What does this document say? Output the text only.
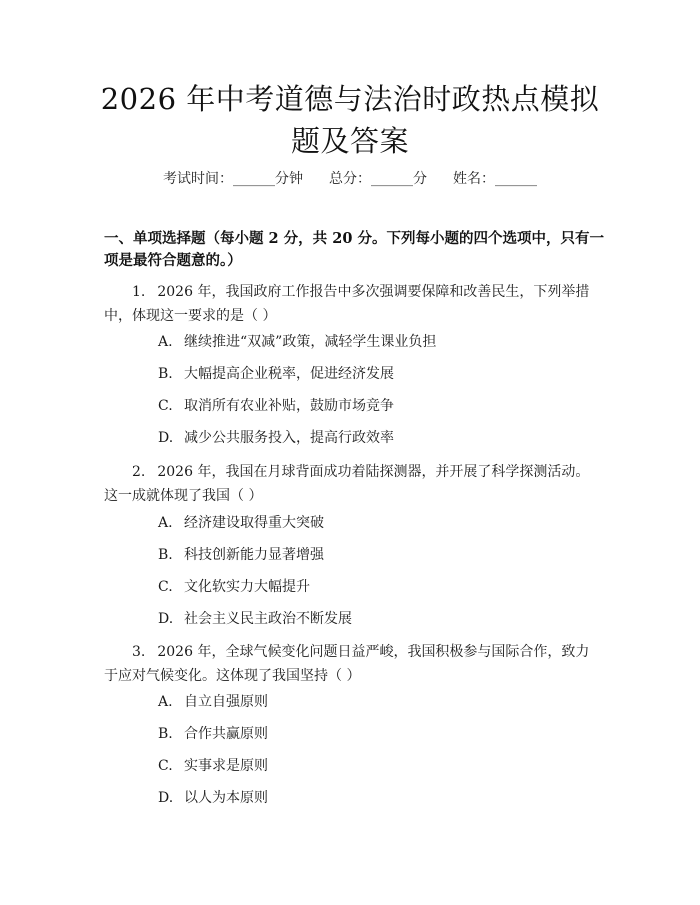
2026 年中考道德与法治时政热点模拟题及答案
考试时间：______分钟 总分：______分 姓名：______
一、单项选择题（每小题 2 分，共 20 分。下列每小题的四个选项中，只有一项是最符合题意的。）
1. 2026 年，我国政府工作报告中多次强调要保障和改善民生，下列举措中，体现这一要求的是（ ）
A. 继续推进“双减”政策，减轻学生课业负担
B. 大幅提高企业税率，促进经济发展
C. 取消所有农业补贴，鼓励市场竞争
D. 减少公共服务投入，提高行政效率
2. 2026 年，我国在月球背面成功着陆探测器，并开展了科学探测活动。这一成就体现了我国（ ）
A. 经济建设取得重大突破
B. 科技创新能力显著增强
C. 文化软实力大幅提升
D. 社会主义民主政治不断发展
3. 2026 年，全球气候变化问题日益严峻，我国积极参与国际合作，致力于应对气候变化。这体现了我国坚持（ ）
A. 自立自强原则
B. 合作共赢原则
C. 实事求是原则
D. 以人为本原则
